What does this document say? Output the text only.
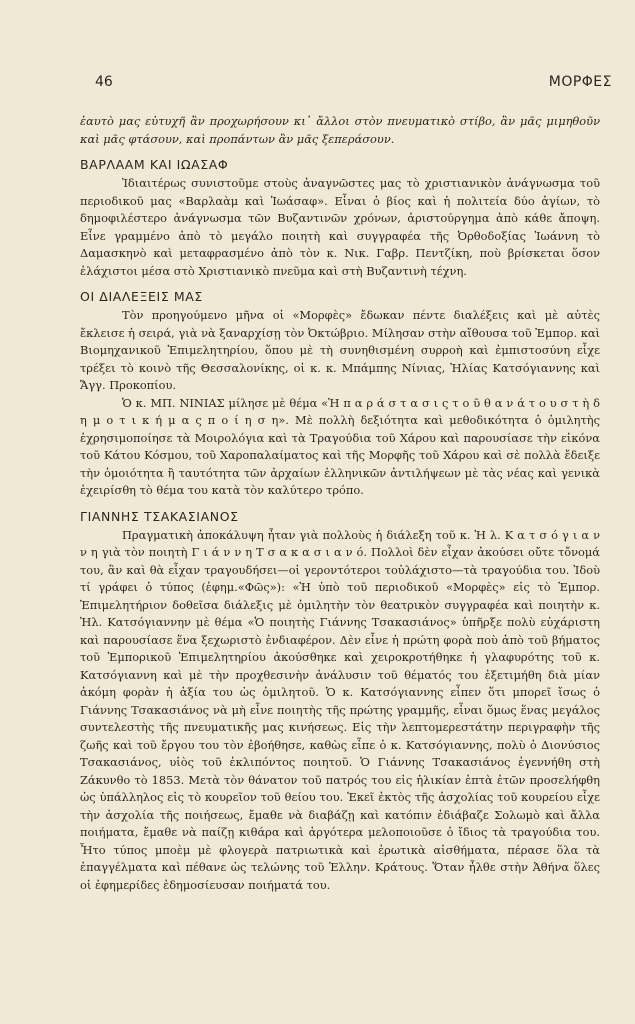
46	ΜΟΡΦΕΣ

ἑαυτὸ μας εὐτυχῆ ἂν προχωρήσουν κι᾿ ἄλλοι στὸν πνευματικὸ στίβο, ἂν μᾶς μιμηθοῦν καὶ μᾶς φτάσουν, καὶ προπάντων ἂν μᾶς ξεπεράσουν.

ΒΑΡΛΑΑΜ ΚΑΙ ΙΩΑΣΑΦ

Ἰδιαιτέρως συνιστοῦμε στοὺς ἀναγνῶστες μας τὸ χριστιανικὸν ἀνάγνωσμα τοῦ περιοδικοῦ μας «Βαρλαὰμ καὶ Ἰωάσαφ». Εἶναι ὁ βίος καὶ ἡ πολιτεία δύο ἁγίων, τὸ δημοφιλέστερο ἀνάγνωσμα τῶν Βυζαντινῶν χρόνων, ἀριστούργημα ἀπὸ κάθε ἄποψη. Εἶνε γραμμένο ἀπὸ τὸ μεγάλο ποιητὴ καὶ συγγραφέα τῆς Ὀρθοδοξίας Ἰωάννη τὸ Δαμασκηνὸ καὶ μεταφρασμένο ἀπὸ τὸν κ. Νικ. Γαβρ. Πεντζίκη, ποὺ βρίσκεται ὅσον ἐλάχιστοι μέσα στὸ Χριστιανικὸ πνεῦμα καὶ στὴ Βυζαντινὴ τέχνη.

ΟΙ ΔΙΑΛΕΞΕΙΣ ΜΑΣ

Τὸν προηγούμενο μῆνα οἱ «Μορφὲς» ἔδωκαν πέντε διαλέξεις καὶ μὲ αὐτὲς ἔκλεισε ἡ σειρά, γιὰ νὰ ξαναρχίσῃ τὸν Ὀκτώβριο. Μίλησαν στὴν αἴθουσα τοῦ Ἐμπορ. καὶ Βιομηχανικοῦ Ἐπιμελητηρίου, ὅπου μὲ τὴ συνηθισμένη συρροὴ καὶ ἐμπιστοσύνη εἶχε τρέξει τὸ κοινὸ τῆς Θεσσαλονίκης, οἱ κ. κ. Μπάμπης Νίνιας, Ἠλίας Κατσόγιαννης καὶ Ἄγγ. Προκοπίου.

Ὁ κ. ΜΠ. ΝΙΝΙΑΣ μίλησε μὲ θέμα «Ἡ π α ρ ά σ τ α σ ι ς τ ο ῦ θ α ν ά τ ο υ σ τ ὴ δ η μ ο τ ι κ ή μ α ς π ο ί η σ η». Μὲ πολλὴ δεξιότητα καὶ μεθοδικότητα ὁ ὁμιλητὴς ἐχρησιμοποίησε τὰ Μοιρολόγια καὶ τὰ Τραγούδια τοῦ Χάρου καὶ παρουσίασε τὴν εἰκόνα τοῦ Κάτου Κόσμου, τοῦ Χαροπαλαίματος καὶ τῆς Μορφῆς τοῦ Χάρου καὶ σὲ πολλὰ ἔδειξε τὴν ὁμοιότητα ἢ ταυτότητα τῶν ἀρχαίων ἑλληνικῶν ἀντιλήψεων μὲ τὰς νέας καὶ γενικὰ ἐχειρίσθη τὸ θέμα του κατὰ τὸν καλύτερο τρόπο.

ΓΙΑΝΝΗΣ ΤΣΑΚΑΣΙΑΝΟΣ

Πραγματικὴ ἀποκάλυψη ἦταν γιὰ πολλοὺς ἡ διάλεξη τοῦ κ. Ἠ λ. Κ α τ σ ό γ ι α ν ν η γιὰ τὸν ποιητὴ Γ ι ά ν ν η Τ σ α κ α σ ι α ν ό. Πολλοὶ δὲν εἶχαν ἀκούσει οὔτε τὄνομά του, ἂν καὶ θὰ εἶχαν τραγουδήσει—οἱ γεροντότεροι τοὐλάχιστο—τὰ τραγούδια του. Ἰδοὺ τί γράφει ὁ τύπος (ἐφημ.«Φῶς»): «Ἡ ὑπὸ τοῦ περιοδικοῦ «Μορφὲς» εἰς τὸ Ἐμπορ. Ἐπιμελητήριον δοθεῖσα διάλεξις μὲ ὁμιλητὴν τὸν θεατρικὸν συγγραφέα καὶ ποιητὴν κ. Ἠλ. Κατσόγιαννην μὲ θέμα «Ὁ ποιητὴς Γιάννης Τσακασιάνος» ὑπῆρξε πολὺ εὐχάριστη καὶ παρουσίασε ἕνα ξεχωριστὸ ἐνδιαφέρον. Δὲν εἶνε ἡ πρώτη φορὰ ποὺ ἀπὸ τοῦ βήματος τοῦ Ἐμπορικοῦ Ἐπιμελητηρίου ἀκούσθηκε καὶ χειροκροτήθηκε ἡ γλαφυρότης τοῦ κ. Κατσόγιαννη καὶ μὲ τὴν προχθεσινὴν ἀνάλυσιν τοῦ θέματός του ἐξετιμήθη διὰ μίαν ἀκόμη φορὰν ἡ ἀξία του ὡς ὁμιλητοῦ. Ὁ κ. Κατσόγιαννης εἶπεν ὅτι μπορεῖ ἴσως ὁ Γιάννης Τσακασιάνος νὰ μὴ εἶνε ποιητὴς τῆς πρώτης γραμμῆς, εἶναι ὅμως ἕνας μεγάλος συντελεστὴς τῆς πνευματικῆς μας κινήσεως. Εἰς τὴν λεπτομερεστάτην περιγραφὴν τῆς ζωῆς καὶ τοῦ ἔργου του τὸν ἐβοήθησε, καθὼς εἶπε ὁ κ. Κατσόγιαννης, πολὺ ὁ Διονύσιος Τσακασιάνος, υἱὸς τοῦ ἐκλιπόντος ποιητοῦ. Ὁ Γιάννης Τσακασιάνος ἐγεννήθη στὴ Ζάκυνθο τὸ 1853. Μετὰ τὸν θάνατον τοῦ πατρός του εἰς ἡλικίαν ἑπτὰ ἐτῶν προσελήφθη ὡς ὑπάλληλος εἰς τὸ κουρεῖον τοῦ θείου του. Ἐκεῖ ἐκτὸς τῆς ἀσχολίας τοῦ κουρείου εἶχε τὴν ἀσχολία τῆς ποιήσεως, ἔμαθε νὰ διαβάζῃ καὶ κατόπιν ἐδιάβαζε Σολωμὸ καὶ ἄλλα ποιήματα, ἔμαθε νὰ παίζῃ κιθάρα καὶ ἀργότερα μελοποιοῦσε ὁ ἴδιος τὰ τραγούδια του. Ἦτο τύπος μποὲμ μὲ φλογερὰ πατριωτικὰ καὶ ἐρωτικὰ αἰσθήματα, πέρασε ὅλα τὰ ἐπαγγέλματα καὶ πέθανε ὡς τελώνης τοῦ Ἑλλην. Κράτους. Ὅταν ἦλθε στὴν Ἀθήνα ὅλες οἱ ἐφημερίδες ἐδημοσίευσαν ποιήματά του.
